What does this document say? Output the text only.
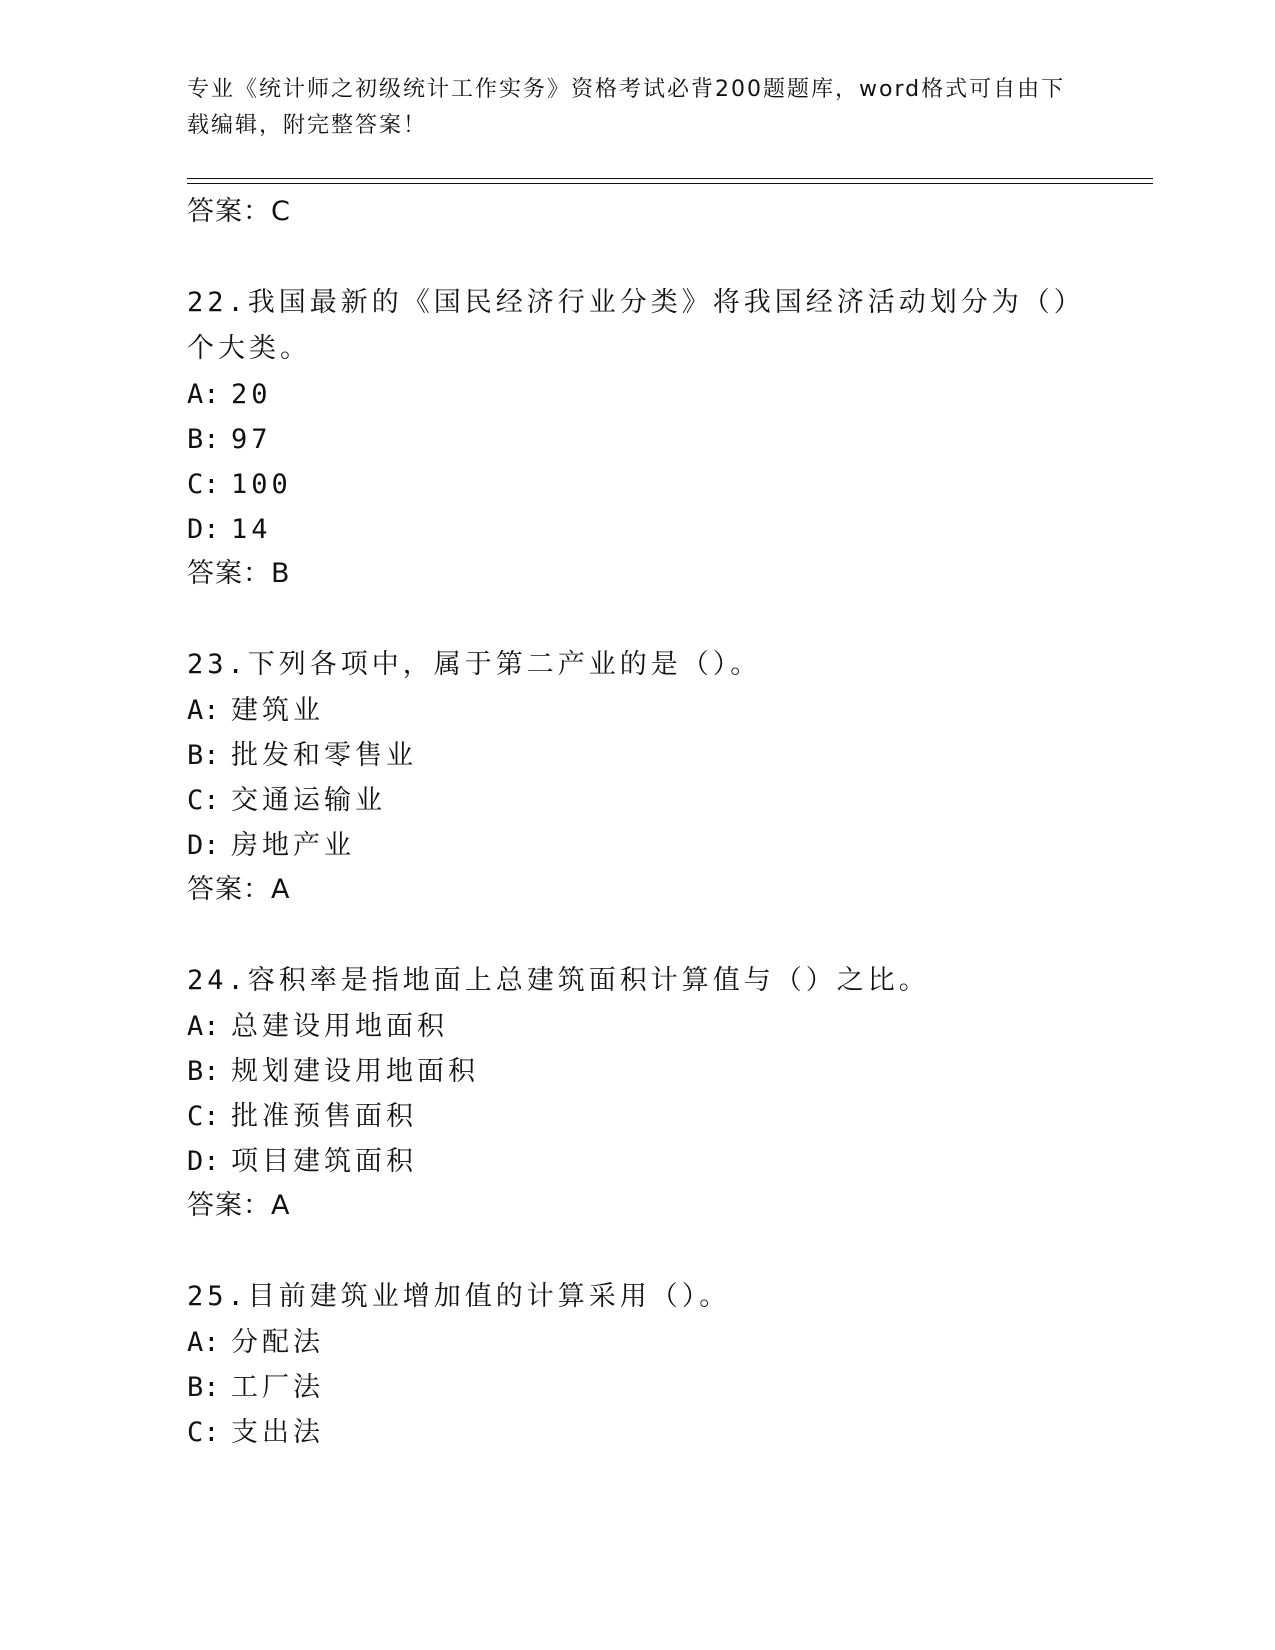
专业《统计师之初级统计工作实务》资格考试必背200题题库，word格式可自由下载编辑，附完整答案！
答案：C
22.我国最新的《国民经济行业分类》将我国经济活动划分为（）个大类。
A: 20
B: 97
C: 100
D: 14
答案：B
23.下列各项中，属于第二产业的是（）。
A: 建筑业
B: 批发和零售业
C: 交通运输业
D: 房地产业
答案：A
24.容积率是指地面上总建筑面积计算值与（）之比。
A: 总建设用地面积
B: 规划建设用地面积
C: 批准预售面积
D: 项目建筑面积
答案：A
25.目前建筑业增加值的计算采用（）。
A: 分配法
B: 工厂法
C: 支出法
